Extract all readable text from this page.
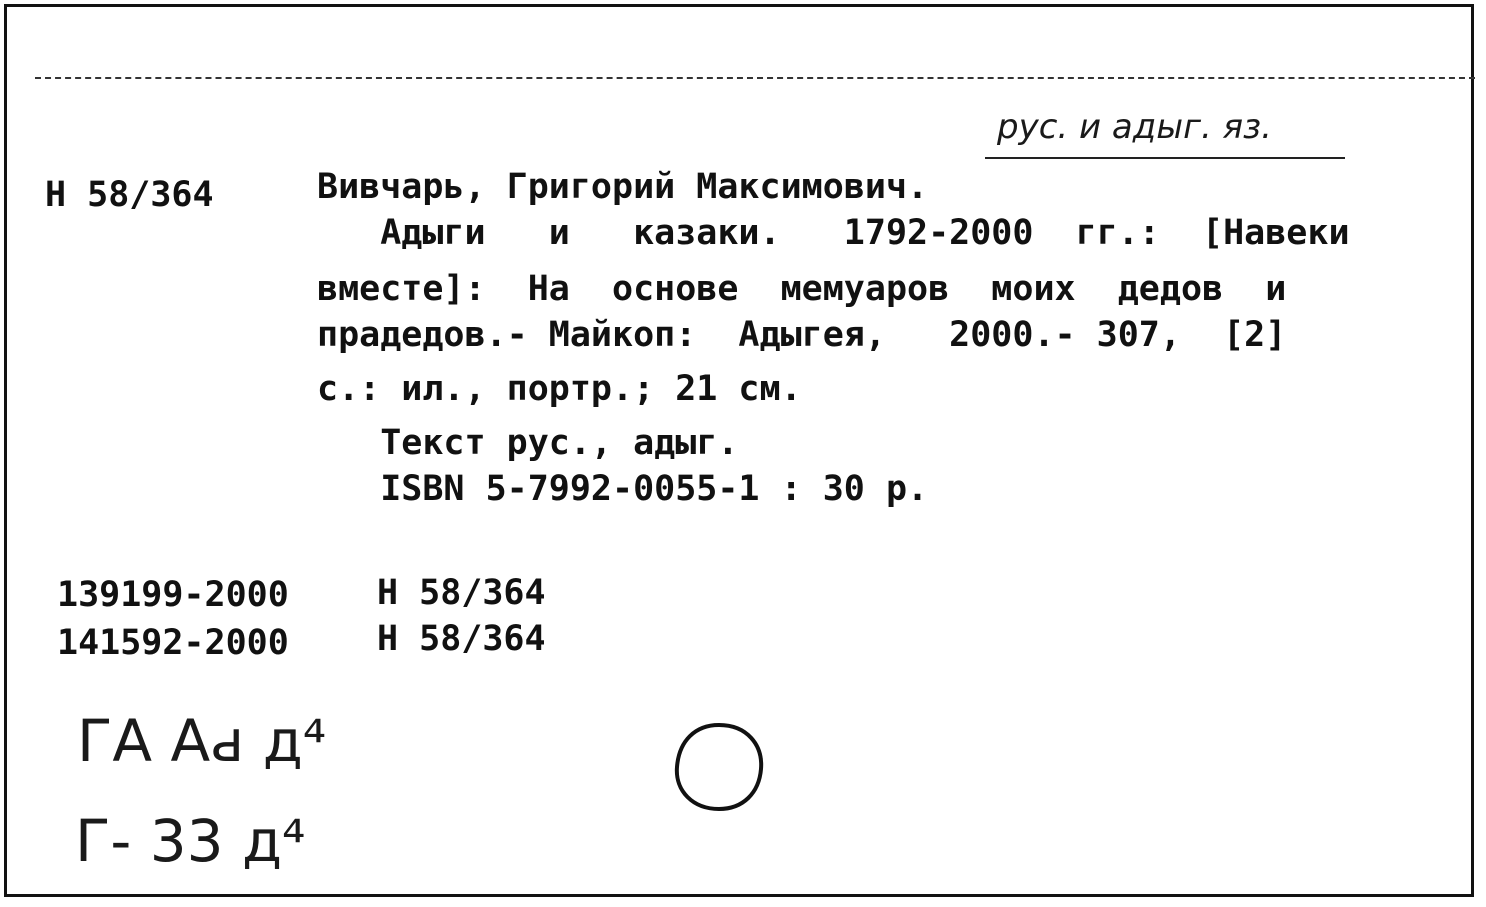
рус. и адыг. яз.
Н 58/364	Вивчарь, Григорий Максимович.
Адыги   и   казаки.   1792-2000  гг.:  [Навеки
вместе]:  На  основе  мемуаров  моих  дедов  и
прадедов.- Майкоп:  Адыгея,   2000.- 307,  [2]
с.: ил., портр.; 21 см.
Текст рус., адыг.
ISBN 5-7992-0055-1 : 30 р.
139199-2000	Н 58/364
141592-2000	Н 58/364
ГА Аԁ д⁴
Г- 33 д⁴
